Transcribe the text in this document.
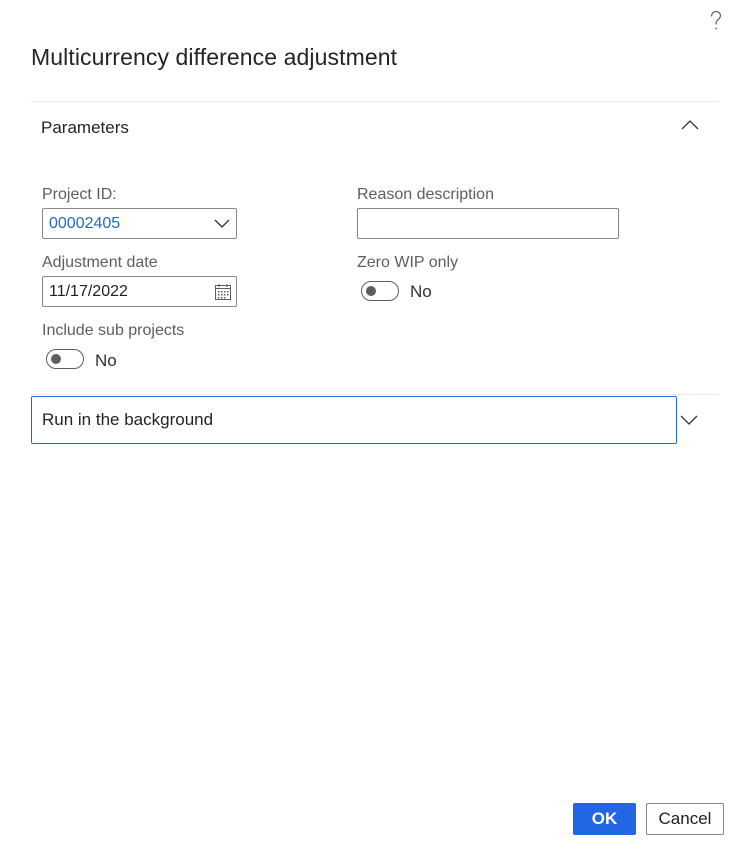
Multicurrency difference adjustment
Parameters
Project ID:
00002405
Reason description
Adjustment date
11/17/2022
Zero WIP only
No
Include sub projects
No
Run in the background
OK	Cancel
